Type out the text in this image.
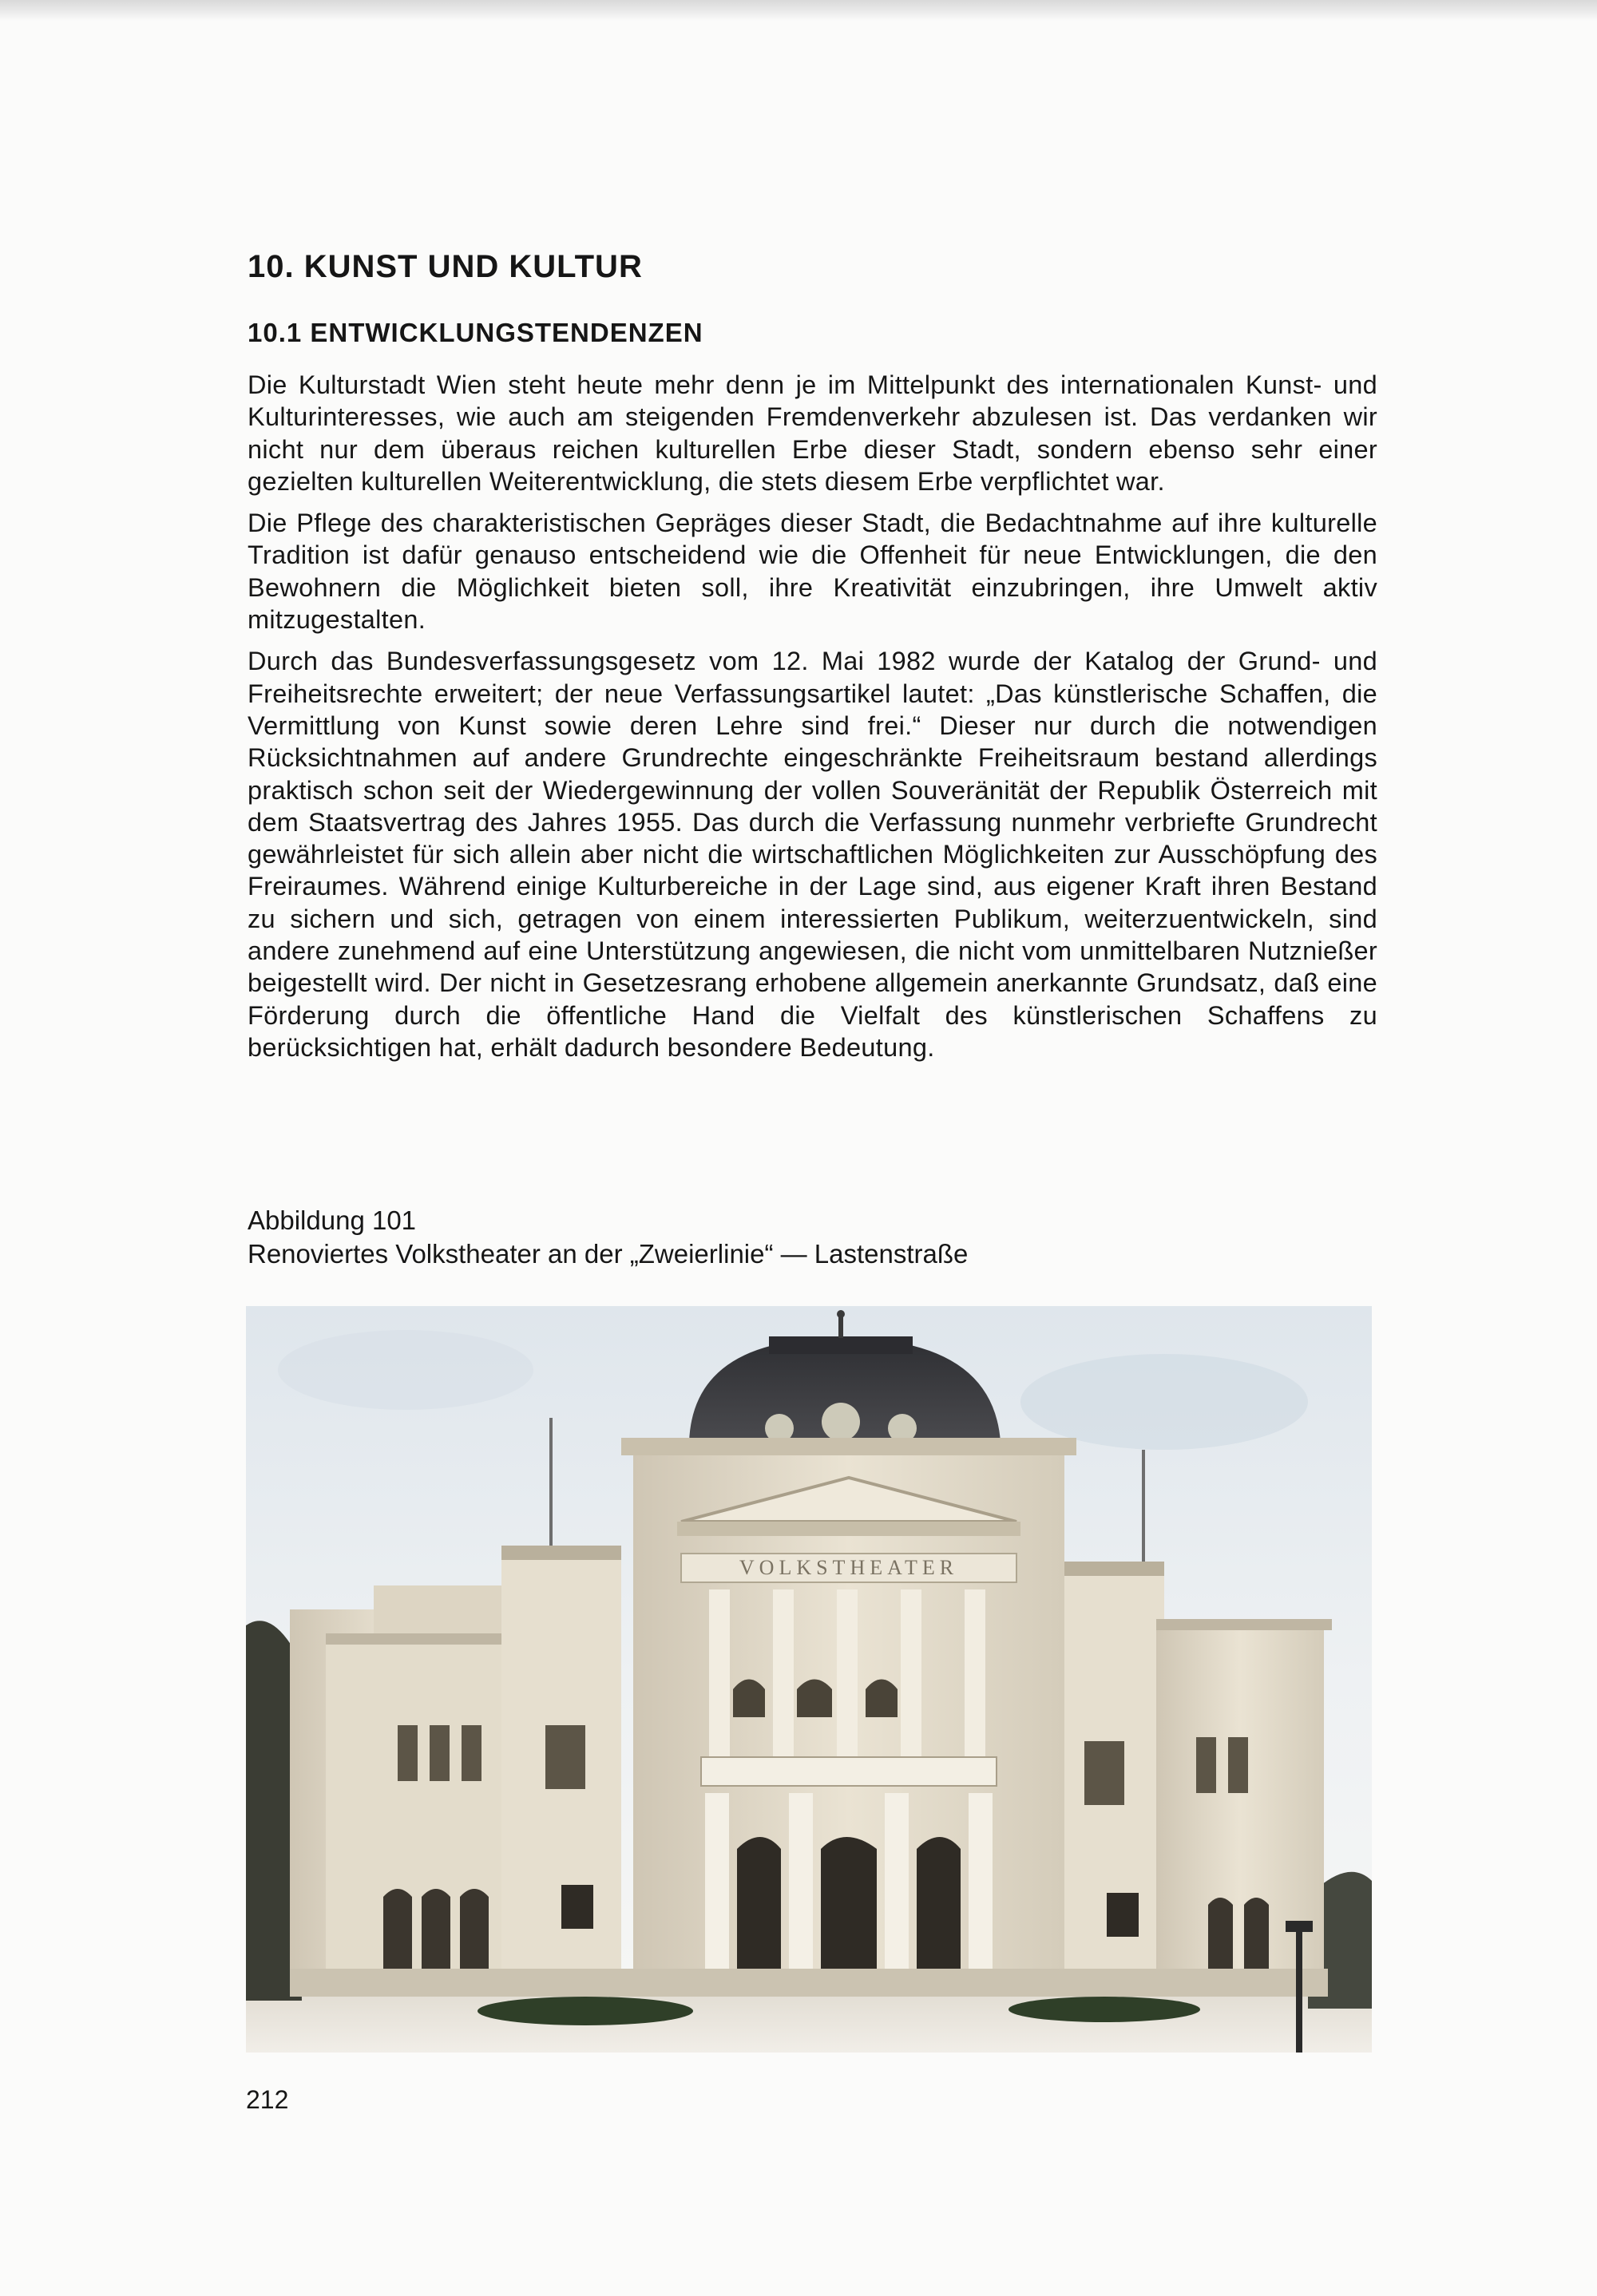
10. KUNST UND KULTUR
10.1 ENTWICKLUNGSTENDENZEN

Die Kulturstadt Wien steht heute mehr denn je im Mittelpunkt des internationalen Kunst- und Kulturinteresses, wie auch am steigenden Fremdenverkehr abzulesen ist. Das verdanken wir nicht nur dem überaus reichen kulturellen Erbe dieser Stadt, sondern ebenso sehr einer gezielten kulturellen Weiterentwicklung, die stets diesem Erbe verpflichtet war.

Die Pflege des charakteristischen Gepräges dieser Stadt, die Bedachtnahme auf ihre kulturelle Tradition ist dafür genauso entscheidend wie die Offenheit für neue Entwicklungen, die den Bewohnern die Möglichkeit bieten soll, ihre Kreativität einzubringen, ihre Umwelt aktiv mitzugestalten.

Durch das Bundesverfassungsgesetz vom 12. Mai 1982 wurde der Katalog der Grund- und Freiheitsrechte erweitert; der neue Verfassungsartikel lautet: „Das künstlerische Schaffen, die Vermittlung von Kunst sowie deren Lehre sind frei.“ Dieser nur durch die notwendigen Rücksichtnahmen auf andere Grundrechte eingeschränkte Freiheitsraum bestand allerdings praktisch schon seit der Wiedergewinnung der vollen Souveränität der Republik Österreich mit dem Staatsvertrag des Jahres 1955. Das durch die Verfassung nunmehr verbriefte Grundrecht gewährleistet für sich allein aber nicht die wirtschaftlichen Möglichkeiten zur Ausschöpfung des Freiraumes. Während einige Kulturbereiche in der Lage sind, aus eigener Kraft ihren Bestand zu sichern und sich, getragen von einem interessierten Publikum, weiterzuentwickeln, sind andere zunehmend auf eine Unterstützung angewiesen, die nicht vom unmittelbaren Nutznießer beigestellt wird. Der nicht in Gesetzesrang erhobene allgemein anerkannte Grundsatz, daß eine Förderung durch die öffentliche Hand die Vielfalt des künstlerischen Schaffens zu berücksichtigen hat, erhält dadurch besondere Bedeutung.

Abbildung 101
Renoviertes Volkstheater an der „Zweierlinie“ — Lastenstraße
VOLKSTHEATER
212
